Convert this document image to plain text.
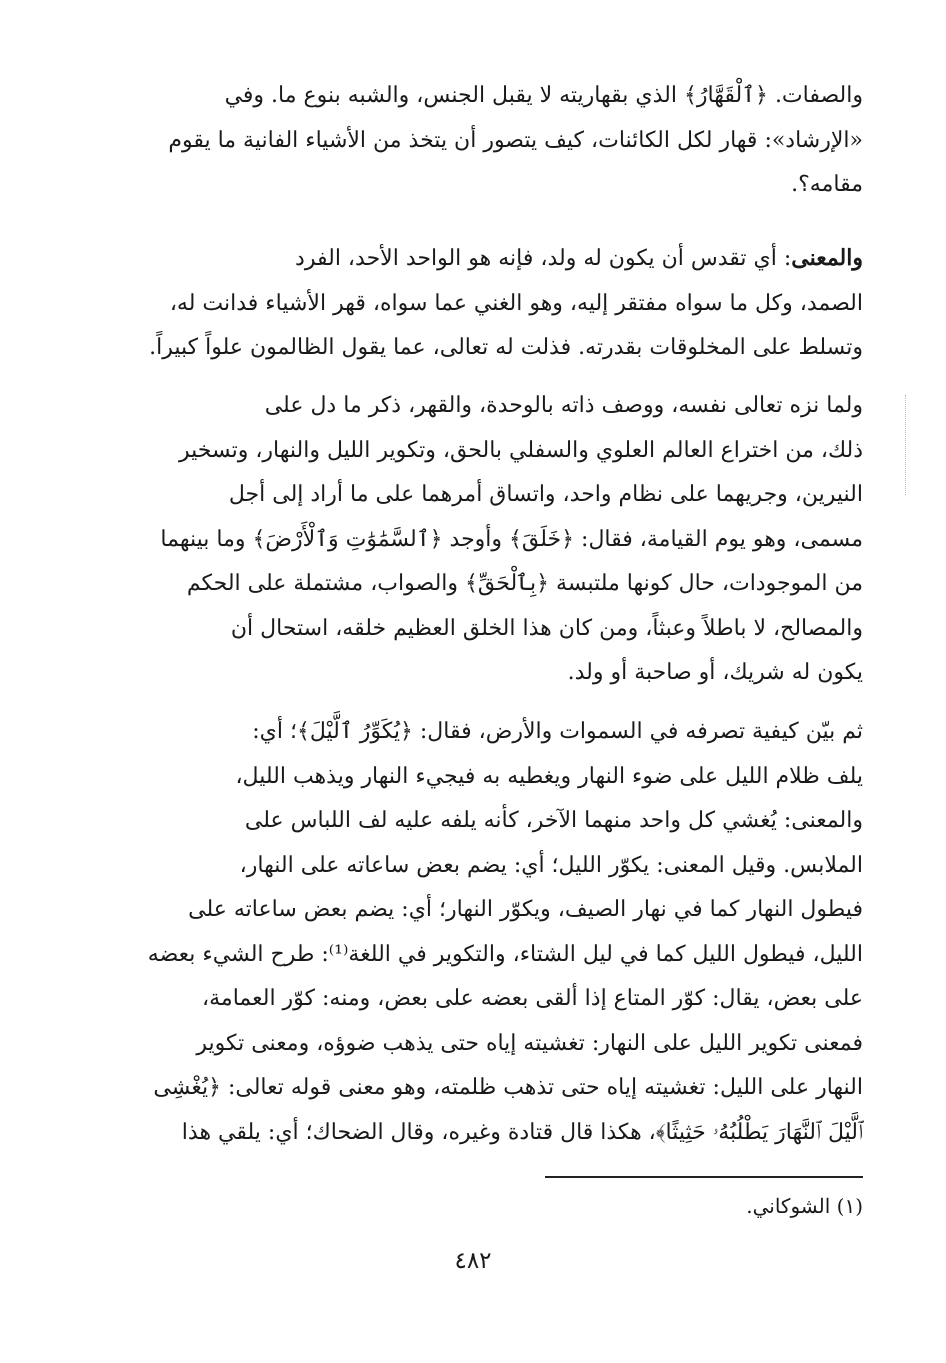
والصفات. ﴿ٱلْقَهَّارُ﴾ الذي بقهاريته لا يقبل الجنس، والشبه بنوع ما. وفي
«الإرشاد»: قهار لكل الكائنات، كيف يتصور أن يتخذ من الأشياء الفانية ما يقوم
مقامه؟.
والمعنى: أي تقدس أن يكون له ولد، فإنه هو الواحد الأحد، الفرد
الصمد، وكل ما سواه مفتقر إليه، وهو الغني عما سواه، قهر الأشياء فدانت له،
وتسلط على المخلوقات بقدرته. فذلت له تعالى، عما يقول الظالمون علواً كبيراً.
ولما نزه تعالى نفسه، ووصف ذاته بالوحدة، والقهر، ذكر ما دل على
ذلك، من اختراع العالم العلوي والسفلي بالحق، وتكوير الليل والنهار، وتسخير
النيرين، وجريهما على نظام واحد، واتساق أمرهما على ما أراد إلى أجل
مسمى، وهو يوم القيامة، فقال: ﴿خَلَقَ﴾ وأوجد ﴿ٱلسَّمَٰوَٰتِ وَٱلْأَرْضَ﴾ وما بينهما
من الموجودات، حال كونها ملتبسة ﴿بِٱلْحَقِّ﴾ والصواب، مشتملة على الحكم
والمصالح، لا باطلاً وعبثاً، ومن كان هذا الخلق العظيم خلقه، استحال أن
يكون له شريك، أو صاحبة أو ولد.
ثم بيّن كيفية تصرفه في السموات والأرض، فقال: ﴿يُكَوِّرُ ٱلَّيْلَ﴾؛ أي:
يلف ظلام الليل على ضوء النهار ويغطيه به فيجيء النهار ويذهب الليل،
والمعنى: يُغشي كل واحد منهما الآخر، كأنه يلفه عليه لف اللباس على
الملابس. وقيل المعنى: يكوّر الليل؛ أي: يضم بعض ساعاته على النهار،
فيطول النهار كما في نهار الصيف، ويكوّر النهار؛ أي: يضم بعض ساعاته على
الليل، فيطول الليل كما في ليل الشتاء، والتكوير في اللغة⁽¹⁾: طرح الشيء بعضه
على بعض، يقال: كوّر المتاع إذا ألقى بعضه على بعض، ومنه: كوّر العمامة،
فمعنى تكوير الليل على النهار: تغشيته إياه حتى يذهب ضوؤه، ومعنى تكوير
النهار على الليل: تغشيته إياه حتى تذهب ظلمته، وهو معنى قوله تعالى: ﴿يُغْشِى
ٱلَّيْلَ ٱلنَّهَارَ يَطْلُبُهُۥ حَثِيثًا﴾، هكذا قال قتادة وغيره، وقال الضحاك؛ أي: يلقي هذا
(١) الشوكاني.
٤٨٢
